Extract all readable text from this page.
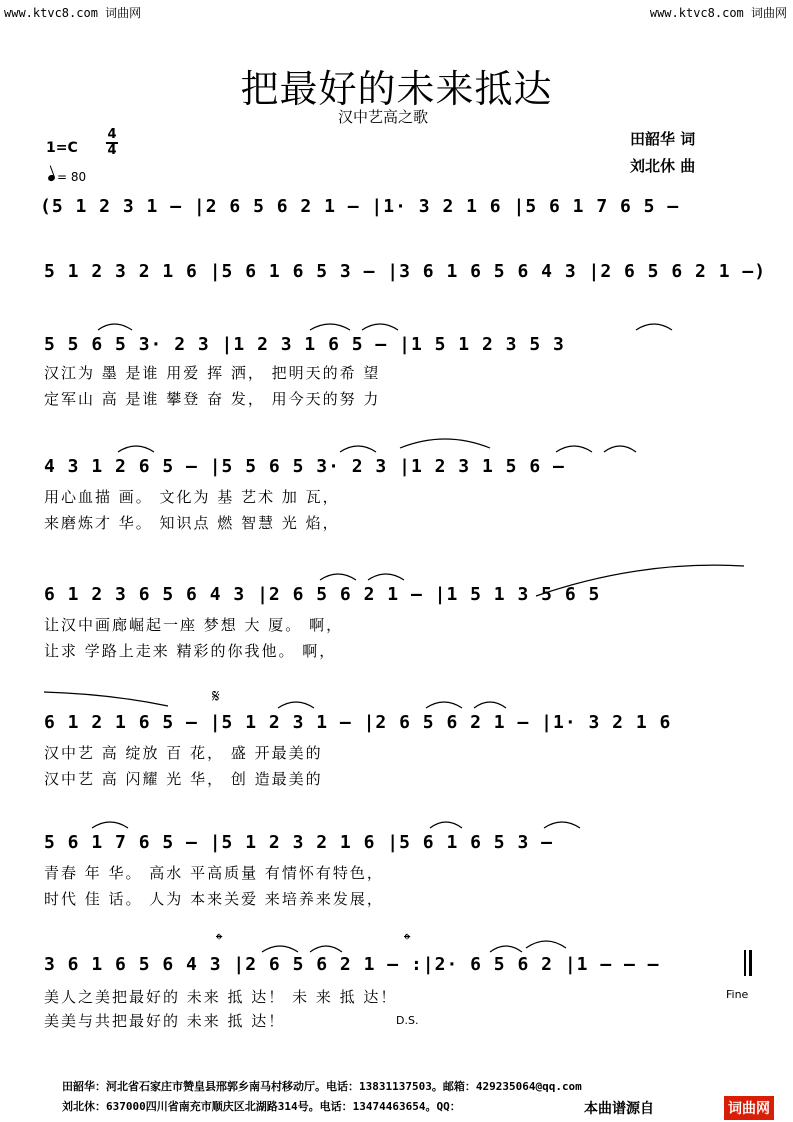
www.ktvc8.com 词曲网	www.ktvc8.com 词曲网
把最好的未来抵达
汉中艺高之歌
1=C
4
4
= 80
田韶华 词
刘北休 曲
(5 1 2 3 1 – |2 6 5 6 2 1 – |1· 3 2 1 6 |5 6 1 7 6 5 –
5 1 2 3 2 1 6 |5 6 1 6 5 3 – |3 6 1 6 5 6 4 3 |2 6 5 6 2 1 –)
5 5 6 5 3· 2 3 |1 2 3 1 6 5 – |1 5 1 2 3 5 3
汉江为 墨 是谁 用爱 挥 洒， 把明天的希 望
定军山 高 是谁 攀登 奋 发， 用今天的努 力
4 3 1 2 6 5 – |5 5 6 5 3· 2 3 |1 2 3 1 5 6 –
用心血描 画。 文化为 基 艺术 加 瓦，
来磨炼才 华。 知识点 燃 智慧 光 焰，
6 1 2 3 6 5 6 4 3 |2 6 5 6 2 1 – |1 5 1 3 5 6 5
让汉中画廊崛起一座 梦想 大 厦。 啊，
让求 学路上走来 精彩的你我他。 啊，
𝄋
6 1 2 1 6 5 – |5 1 2 3 1 – |2 6 5 6 2 1 – |1· 3 2 1 6
汉中艺 高 绽放 百 花， 盛 开最美的
汉中艺 高 闪耀 光 华， 创 造最美的
5 6 1 7 6 5 – |5 1 2 3 2 1 6 |5 6 1 6 5 3 –
青春 年 华。 高水 平高质量 有情怀有特色，
时代 佳 话。 人为 本来关爱 来培养来发展，
𝄌	𝄌
3 6 1 6 5 6 4 3 |2 6 5 6 2 1 – :|2· 6 5 6 2 |1 – – –
美人之美把最好的 未来 抵 达！ 未 来 抵 达！
美美与共把最好的 未来 抵 达！
Fine
D.S.
田韶华：河北省石家庄市赞皇县邢郭乡南马村移动厅。电话：13831137503。邮箱：429235064@qq.com
刘北休：637000四川省南充市顺庆区北湖路314号。电话：13474463654。QQ：	本曲谱源自	词曲网
